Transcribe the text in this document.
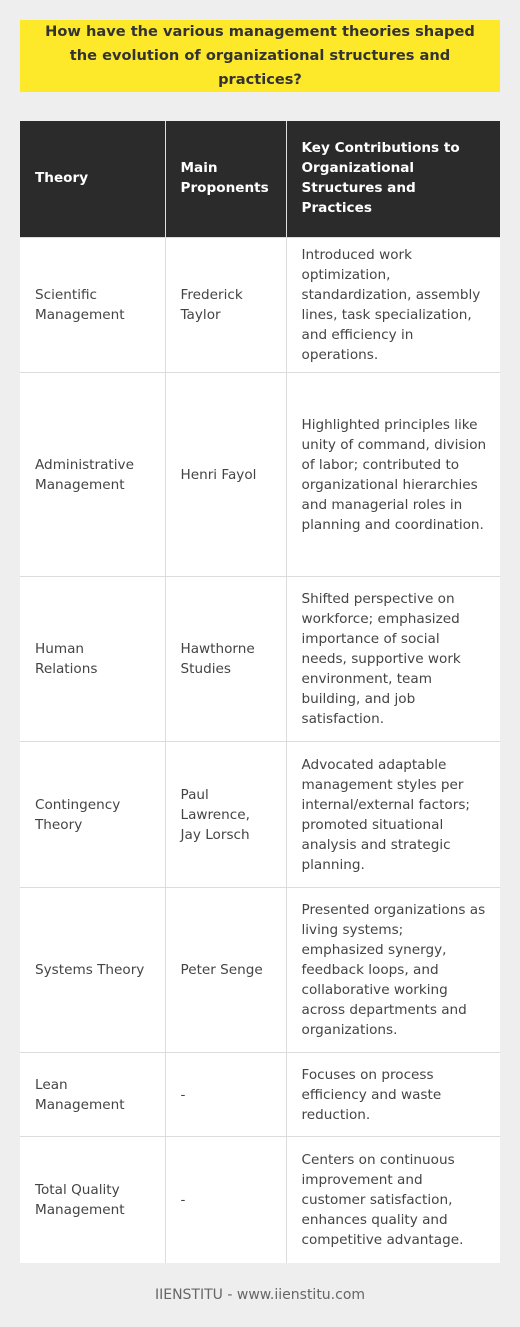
How have the various management theories shaped the evolution of organizational structures and practices?
Theory	Main Proponents	Key Contributions to Organizational Structures and Practices
Scientific Management	Frederick Taylor	Introduced work optimization, standardization, assembly lines, task specialization, and efficiency in operations.
Administrative Management	Henri Fayol	Highlighted principles like unity of command, division of labor; contributed to organizational hierarchies and managerial roles in planning and coordination.
Human Relations	Hawthorne Studies	Shifted perspective on workforce; emphasized importance of social needs, supportive work environment, team building, and job satisfaction.
Contingency Theory	Paul Lawrence, Jay Lorsch	Advocated adaptable management styles per internal/external factors; promoted situational analysis and strategic planning.
Systems Theory	Peter Senge	Presented organizations as living systems; emphasized synergy, feedback loops, and collaborative working across departments and organizations.
Lean Management	-	Focuses on process efficiency and waste reduction.
Total Quality Management	-	Centers on continuous improvement and customer satisfaction, enhances quality and competitive advantage.
IIENSTITU - www.iienstitu.com
